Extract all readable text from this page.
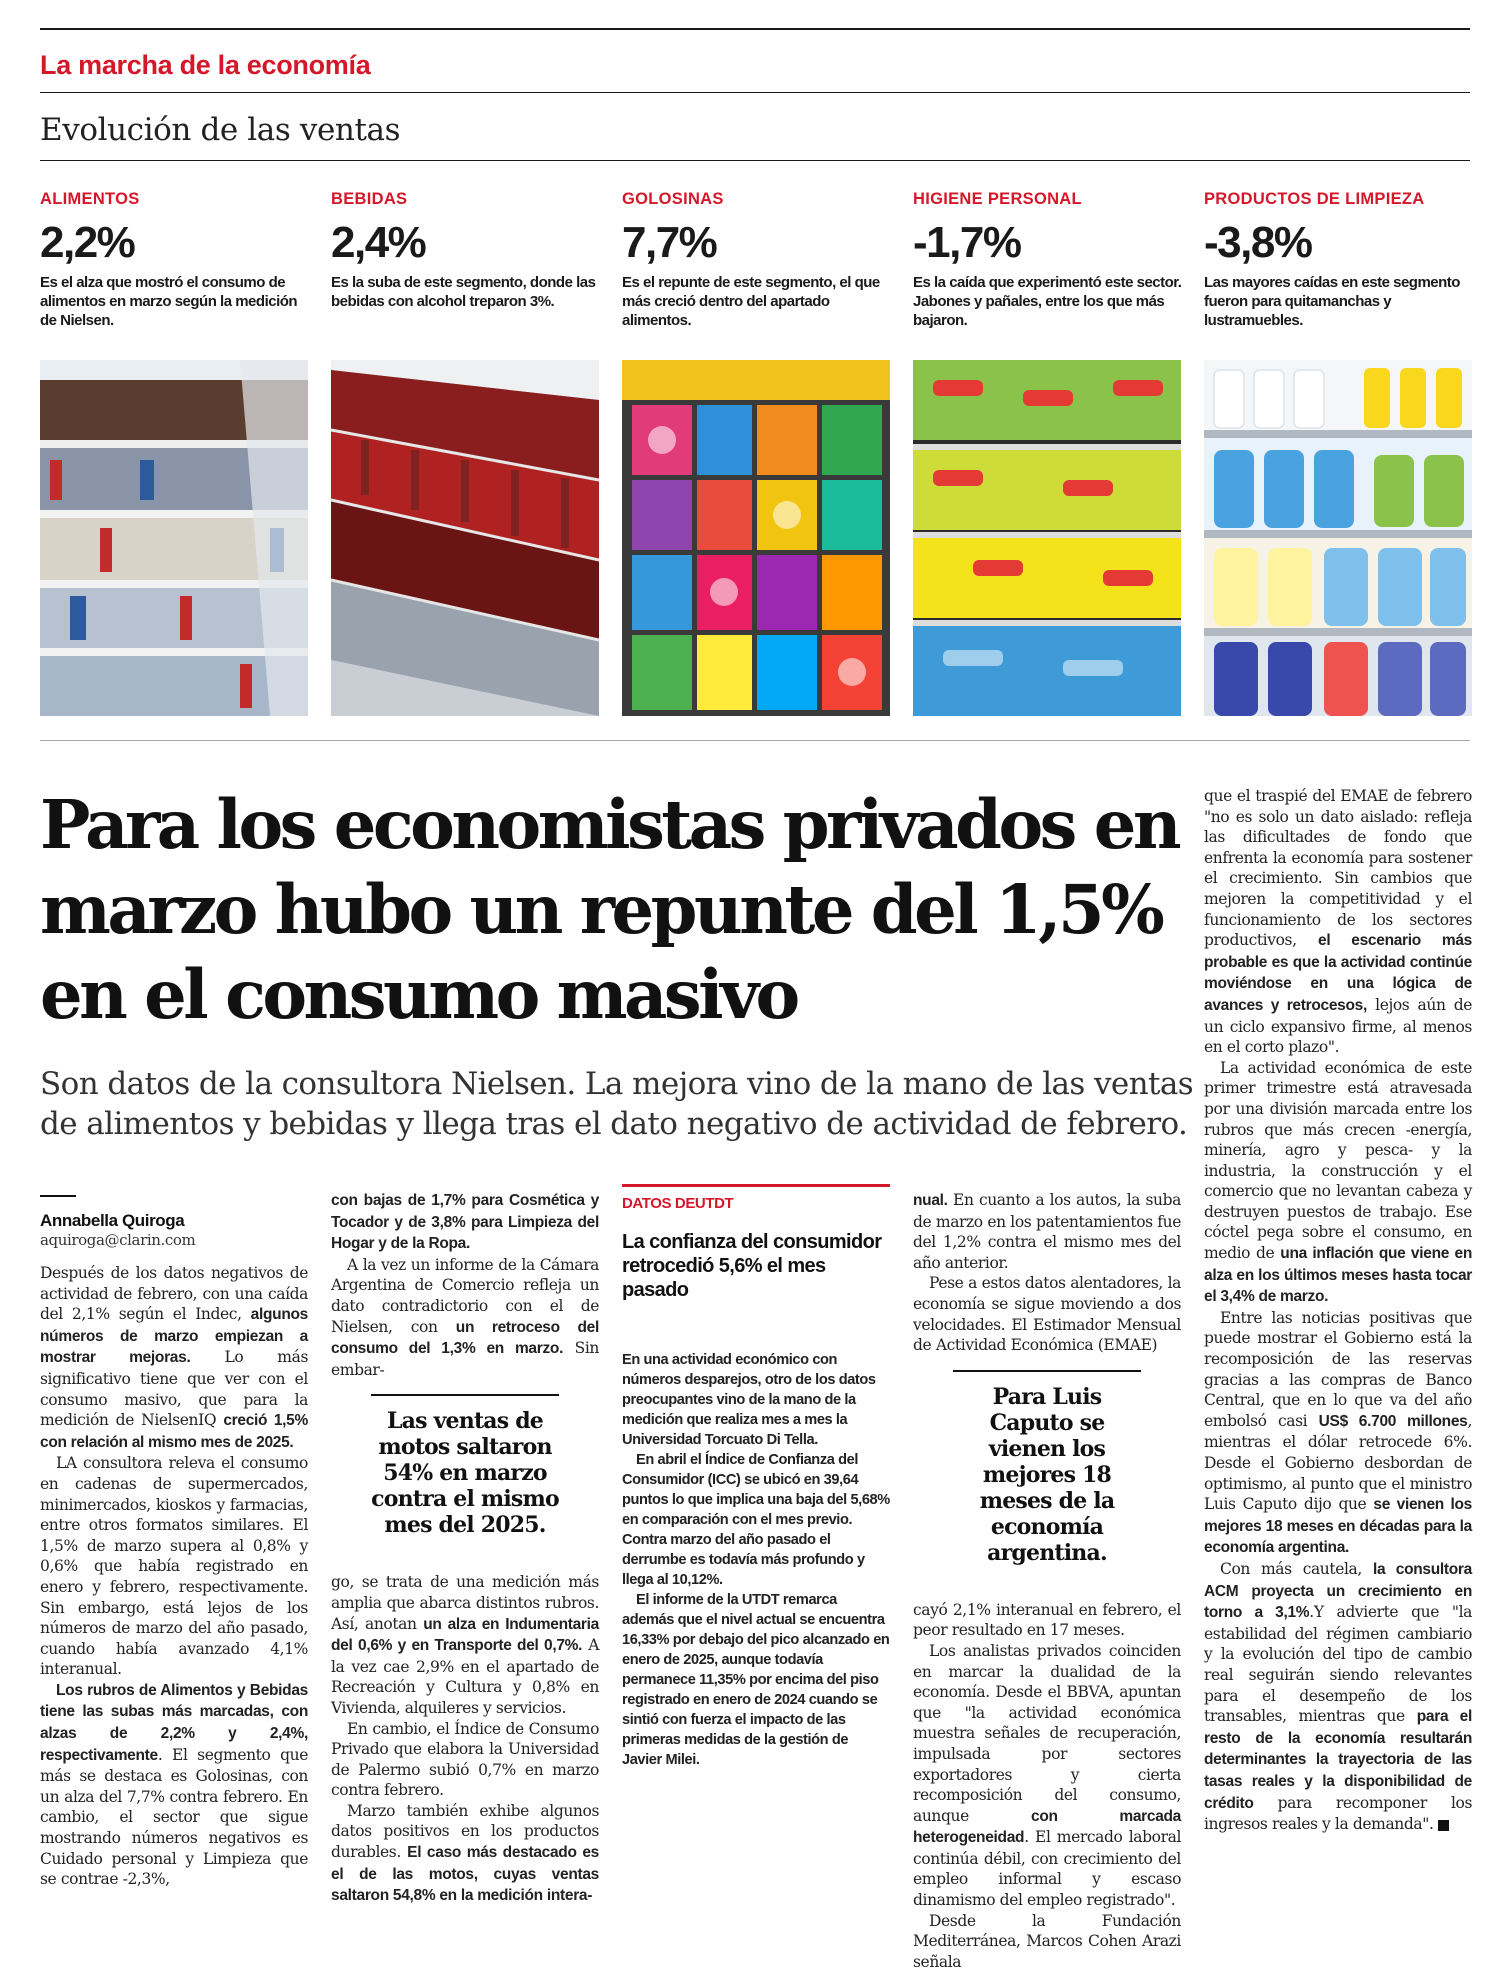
La marcha de la economía
Evolución de las ventas
ALIMENTOS
2,2%
Es el alza que mostró el consumo de alimentos en marzo según la medición de Nielsen.
BEBIDAS
2,4%
Es la suba de este segmento, donde las bebidas con alcohol treparon 3%.
GOLOSINAS
7,7%
Es el repunte de este segmento, el que más creció dentro del apartado alimentos.
HIGIENE PERSONAL
-1,7%
Es la caída que experimentó este sector. Jabones y pañales, entre los que más bajaron.
PRODUCTOS DE LIMPIEZA
-3,8%
Las mayores caídas en este segmento fueron para quitamanchas y lustramuebles.
Para los economistas privados en marzo hubo un repunte del 1,5% en el consumo masivo
Son datos de la consultora Nielsen. La mejora vino de la mano de las ventas de alimentos y bebidas y llega tras el dato negativo de actividad de febrero.
Annabella Quiroga
aquiroga@clarin.com

Después de los datos negativos de actividad de febrero, con una caída del 2,1% según el Indec, algunos números de marzo empiezan a mostrar mejoras. Lo más significativo tiene que ver con el consumo masivo, que para la medición de NielsenIQ creció 1,5% con relación al mismo mes de 2025.

LA consultora releva el consumo en cadenas de supermercados, minimercados, kioskos y farmacias, entre otros formatos similares. El 1,5% de marzo supera al 0,8% y 0,6% que había registrado en enero y febrero, respectivamente. Sin embargo, está lejos de los números de marzo del año pasado, cuando había avanzado 4,1% interanual.

Los rubros de Alimentos y Bebidas tiene las subas más marcadas, con alzas de 2,2% y 2,4%, respectivamente. El segmento que más se destaca es Golosinas, con un alza del 7,7% contra febrero. En cambio, el sector que sigue mostrando números negativos es Cuidado personal y Limpieza que se contrae -2,3%,

con bajas de 1,7% para Cosmética y Tocador y de 3,8% para Limpieza del Hogar y de la Ropa.

A la vez un informe de la Cámara Argentina de Comercio refleja un dato contradictorio con el de Nielsen, con un retroceso del consumo del 1,3% en marzo. Sin embar-

Las ventas de motos saltaron 54% en marzo contra el mismo mes del 2025.

go, se trata de una medición más amplia que abarca distintos rubros. Así, anotan un alza en Indumentaria del 0,6% y en Transporte del 0,7%. A la vez cae 2,9% en el apartado de Recreación y Cultura y 0,8% en Vivienda, alquileres y servicios.

En cambio, el Índice de Consumo Privado que elabora la Universidad de Palermo subió 0,7% en marzo contra febrero.

Marzo también exhibe algunos datos positivos en los productos durables. El caso más destacado es el de las motos, cuyas ventas saltaron 54,8% en la medición intera-

DATOS DEUTDT
La confianza del consumidor retrocedió 5,6% el mes pasado

En una actividad económico con números desparejos, otro de los datos preocupantes vino de la mano de la medición que realiza mes a mes la Universidad Torcuato Di Tella.

En abril el Índice de Confianza del Consumidor (ICC) se ubicó en 39,64 puntos lo que implica una baja del 5,68% en comparación con el mes previo. Contra marzo del año pasado el derrumbe es todavía más profundo y llega al 10,12%.

El informe de la UTDT remarca además que el nivel actual se encuentra 16,33% por debajo del pico alcanzado en enero de 2025, aunque todavía permanece 11,35% por encima del piso registrado en enero de 2024 cuando se sintió con fuerza el impacto de las primeras medidas de la gestión de Javier Milei.

nual. En cuanto a los autos, la suba de marzo en los patentamientos fue del 1,2% contra el mismo mes del año anterior.

Pese a estos datos alentadores, la economía se sigue moviendo a dos velocidades. El Estimador Mensual de Actividad Económica (EMAE)

Para Luis Caputo se vienen los mejores 18 meses de la economía argentina.

cayó 2,1% interanual en febrero, el peor resultado en 17 meses.

Los analistas privados coinciden en marcar la dualidad de la economía. Desde el BBVA, apuntan que "la actividad económica muestra señales de recuperación, impulsada por sectores exportadores y cierta recomposición del consumo, aunque con marcada heterogeneidad. El mercado laboral continúa débil, con crecimiento del empleo informal y escaso dinamismo del empleo registrado".

Desde la Fundación Mediterránea, Marcos Cohen Arazi señala

que el traspié del EMAE de febrero "no es solo un dato aislado: refleja las dificultades de fondo que enfrenta la economía para sostener el crecimiento. Sin cambios que mejoren la competitividad y el funcionamiento de los sectores productivos, el escenario más probable es que la actividad continúe moviéndose en una lógica de avances y retrocesos, lejos aún de un ciclo expansivo firme, al menos en el corto plazo".

La actividad económica de este primer trimestre está atravesada por una división marcada entre los rubros que más crecen -energía, minería, agro y pesca- y la industria, la construcción y el comercio que no levantan cabeza y destruyen puestos de trabajo. Ese cóctel pega sobre el consumo, en medio de una inflación que viene en alza en los últimos meses hasta tocar el 3,4% de marzo.

Entre las noticias positivas que puede mostrar el Gobierno está la recomposición de las reservas gracias a las compras de Banco Central, que en lo que va del año embolsó casi US$ 6.700 millones, mientras el dólar retrocede 6%. Desde el Gobierno desbordan de optimismo, al punto que el ministro Luis Caputo dijo que se vienen los mejores 18 meses en décadas para la economía argentina.

Con más cautela, la consultora ACM proyecta un crecimiento en torno a 3,1%.Y advierte que "la estabilidad del régimen cambiario y la evolución del tipo de cambio real seguirán siendo relevantes para el desempeño de los transables, mientras que para el resto de la economía resultarán determinantes la trayectoria de las tasas reales y la disponibilidad de crédito para recomponer los ingresos reales y la demanda".
